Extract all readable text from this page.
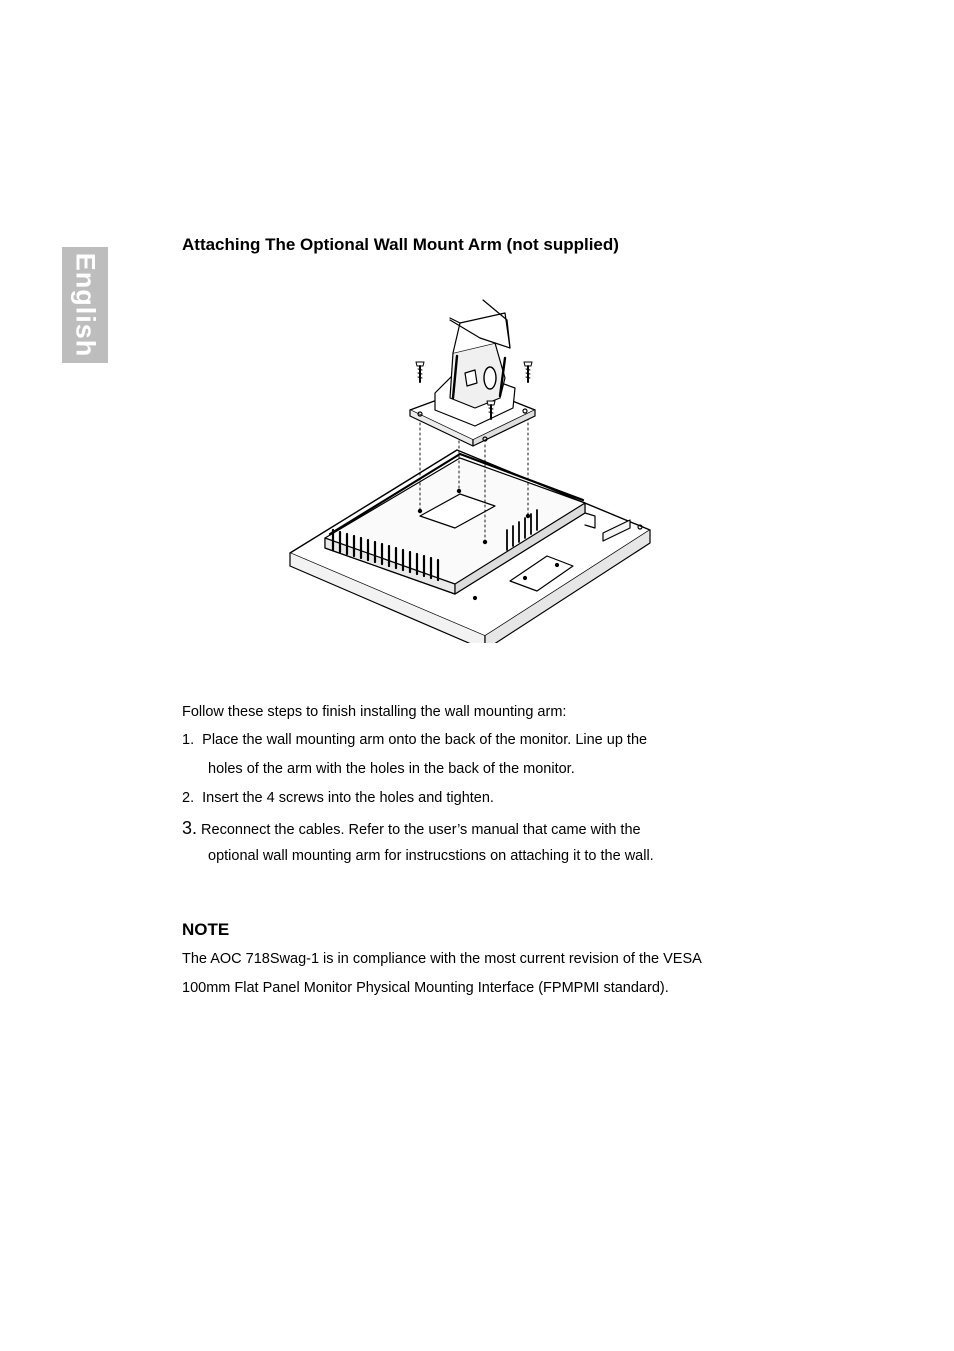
English
Attaching The Optional Wall Mount Arm (not supplied)
Follow these steps to finish installing the wall mounting arm:
1. Place the wall mounting arm onto the back of the monitor. Line up the
holes of the arm with the holes in the back of the monitor.
2. Insert the 4 screws into the holes and tighten.
3. Reconnect the cables. Refer to the user’s manual that came with the
optional wall mounting arm for instrucstions on attaching it to the wall.
NOTE
The AOC 718Swag-1 is in compliance with the most current revision of the VESA
100mm Flat Panel Monitor Physical Mounting Interface (FPMPMI standard).
